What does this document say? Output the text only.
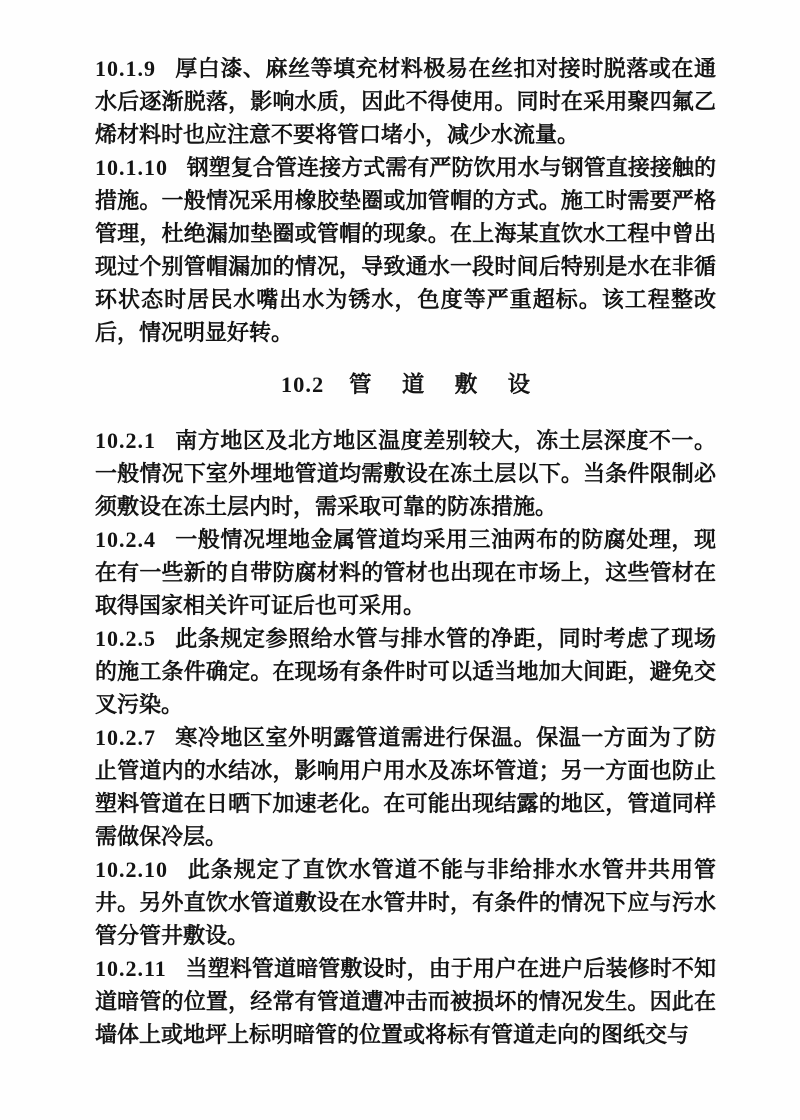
10.1.9 厚白漆、麻丝等填充材料极易在丝扣对接时脱落或在通水后逐渐脱落，影响水质，因此不得使用。同时在采用聚四氟乙烯材料时也应注意不要将管口堵小，减少水流量。

10.1.10 钢塑复合管连接方式需有严防饮用水与钢管直接接触的措施。一般情况采用橡胶垫圈或加管帽的方式。施工时需要严格管理，杜绝漏加垫圈或管帽的现象。在上海某直饮水工程中曾出现过个别管帽漏加的情况，导致通水一段时间后特别是水在非循环状态时居民水嘴出水为锈水，色度等严重超标。该工程整改后，情况明显好转。

10.2 管 道 敷 设

10.2.1 南方地区及北方地区温度差别较大，冻土层深度不一。一般情况下室外埋地管道均需敷设在冻土层以下。当条件限制必须敷设在冻土层内时，需采取可靠的防冻措施。

10.2.4 一般情况埋地金属管道均采用三油两布的防腐处理，现在有一些新的自带防腐材料的管材也出现在市场上，这些管材在取得国家相关许可证后也可采用。

10.2.5 此条规定参照给水管与排水管的净距，同时考虑了现场的施工条件确定。在现场有条件时可以适当地加大间距，避免交叉污染。

10.2.7 寒冷地区室外明露管道需进行保温。保温一方面为了防止管道内的水结冰，影响用户用水及冻坏管道；另一方面也防止塑料管道在日晒下加速老化。在可能出现结露的地区，管道同样需做保冷层。

10.2.10 此条规定了直饮水管道不能与非给排水水管井共用管井。另外直饮水管道敷设在水管井时，有条件的情况下应与污水管分管井敷设。

10.2.11 当塑料管道暗管敷设时，由于用户在进户后装修时不知道暗管的位置，经常有管道遭冲击而被损坏的情况发生。因此在墙体上或地坪上标明暗管的位置或将标有管道走向的图纸交与
